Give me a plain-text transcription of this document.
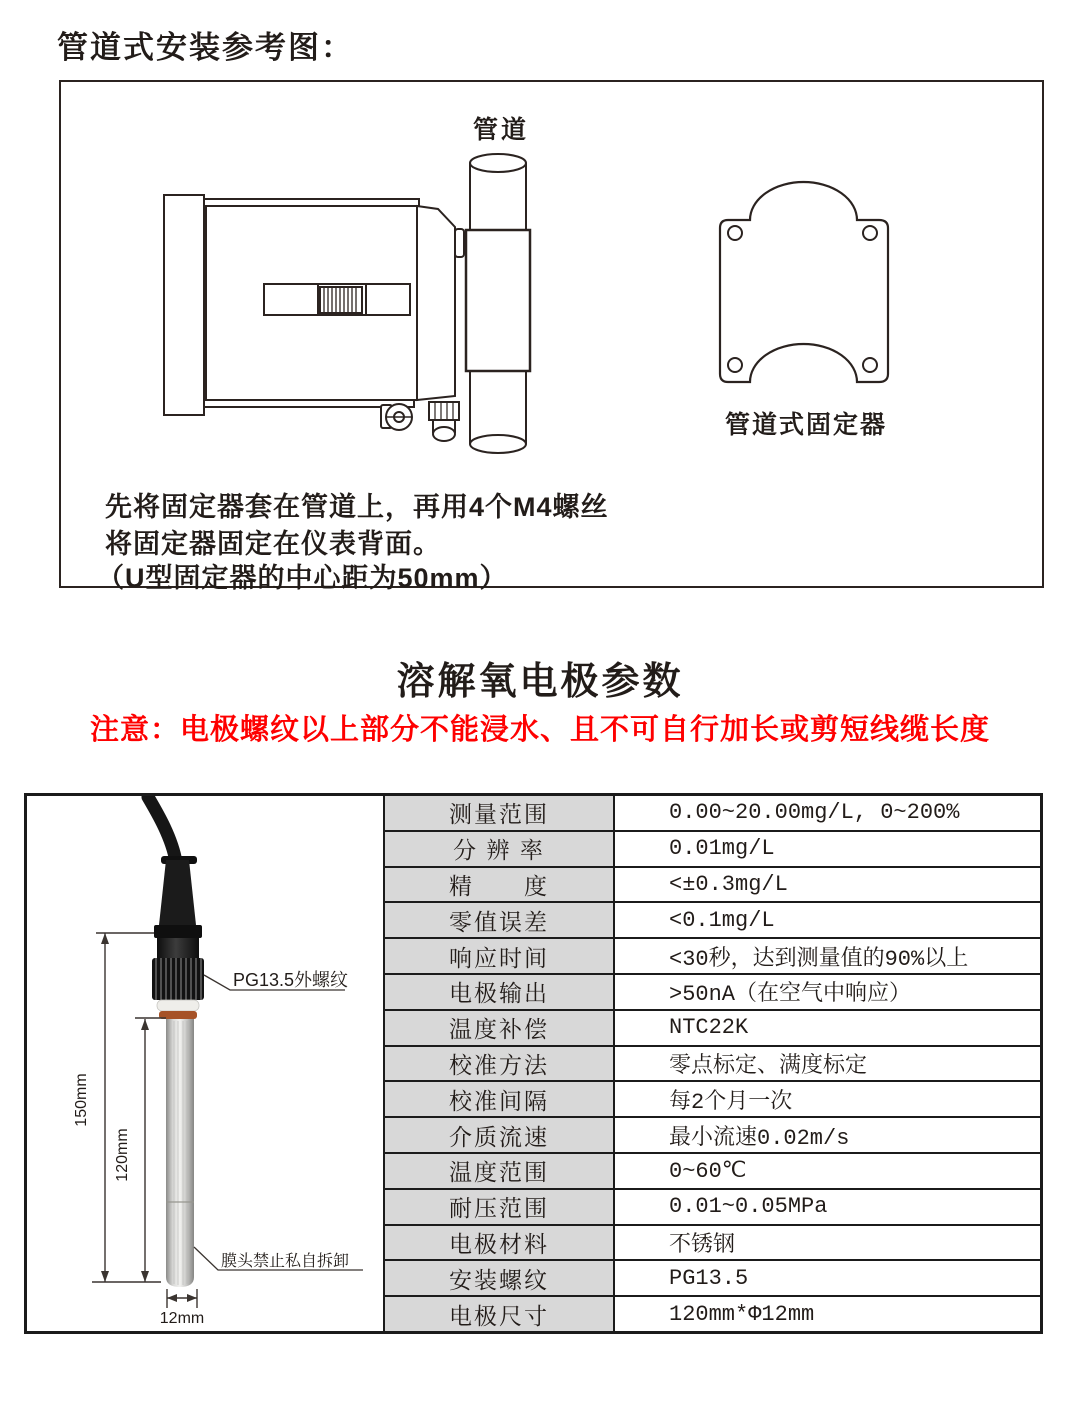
管道式安装参考图：
管道
管道式固定器
先将固定器套在管道上，再用4个M4螺丝
将固定器固定在仪表背面。
（U型固定器的中心距为50mm）
溶解氧电极参数
注意：电极螺纹以上部分不能浸水、且不可自行加长或剪短线缆长度
150mm
120mm
12mm
PG13.5外螺纹
膜头禁止私自拆卸
测量范围	0.00~20.00mg/L, 0~200%
分 辨 率	0.01mg/L
精　　度	<±0.3mg/L
零值误差	<0.1mg/L
响应时间	<30秒，达到测量值的90%以上
电极输出	>50nA（在空气中响应）
温度补偿	NTC22K
校准方法	零点标定、满度标定
校准间隔	每2个月一次
介质流速	最小流速0.02m/s
温度范围	0~60℃
耐压范围	0.01~0.05MPa
电极材料	不锈钢
安装螺纹	PG13.5
电极尺寸	120mm*Φ12mm
